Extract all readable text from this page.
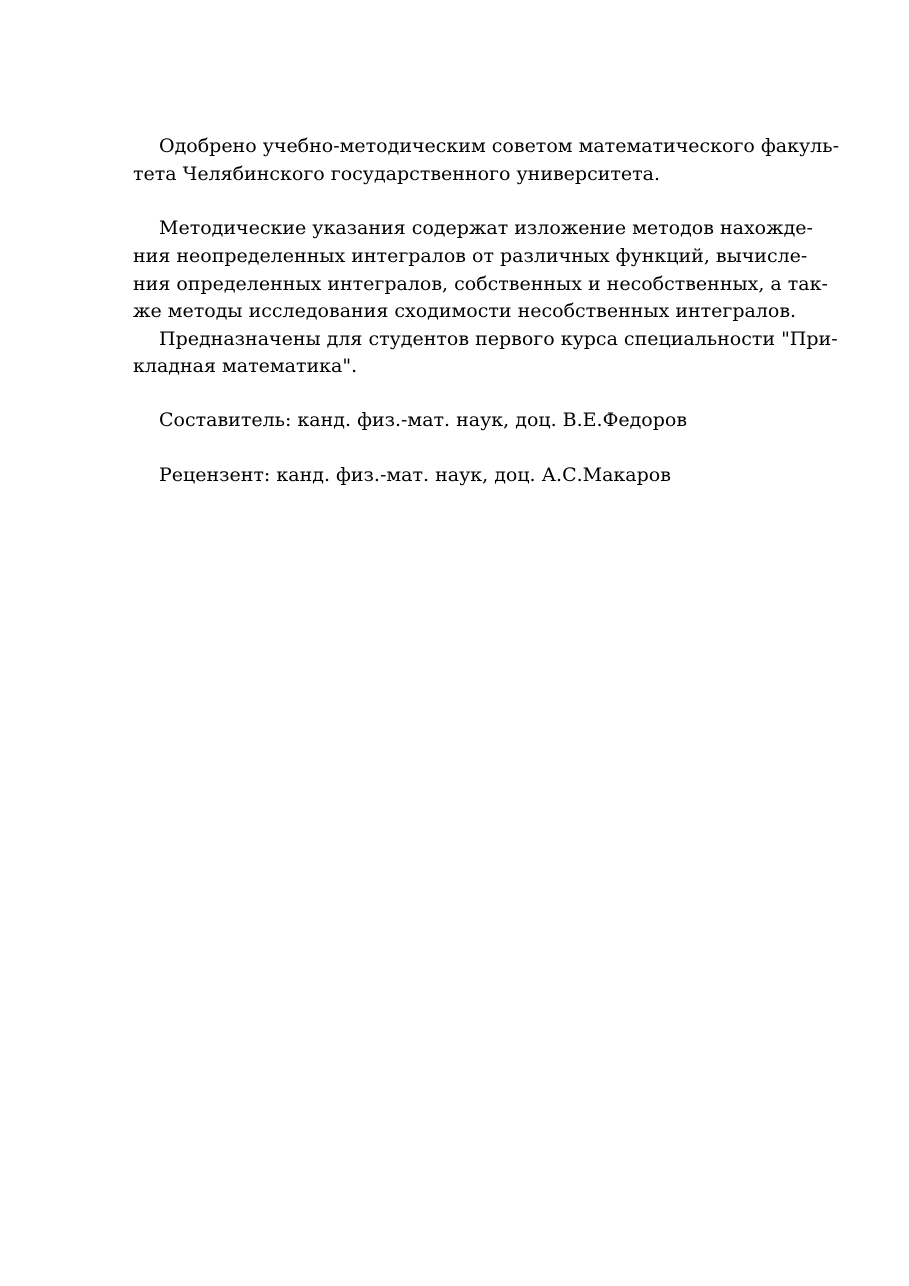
Одобрено учебно-методическим советом математического факуль-
тета Челябинского государственного университета.
Методические указания содержат изложение методов нахожде-
ния неопределенных интегралов от различных функций, вычисле-
ния определенных интегралов, собственных и несобственных, а так-
же методы исследования сходимости несобственных интегралов.
Предназначены для студентов первого курса специальности "При-
кладная математика".
Составитель: канд. физ.-мат. наук, доц. В.Е.Федоров
Рецензент: канд. физ.-мат. наук, доц. А.С.Макаров
